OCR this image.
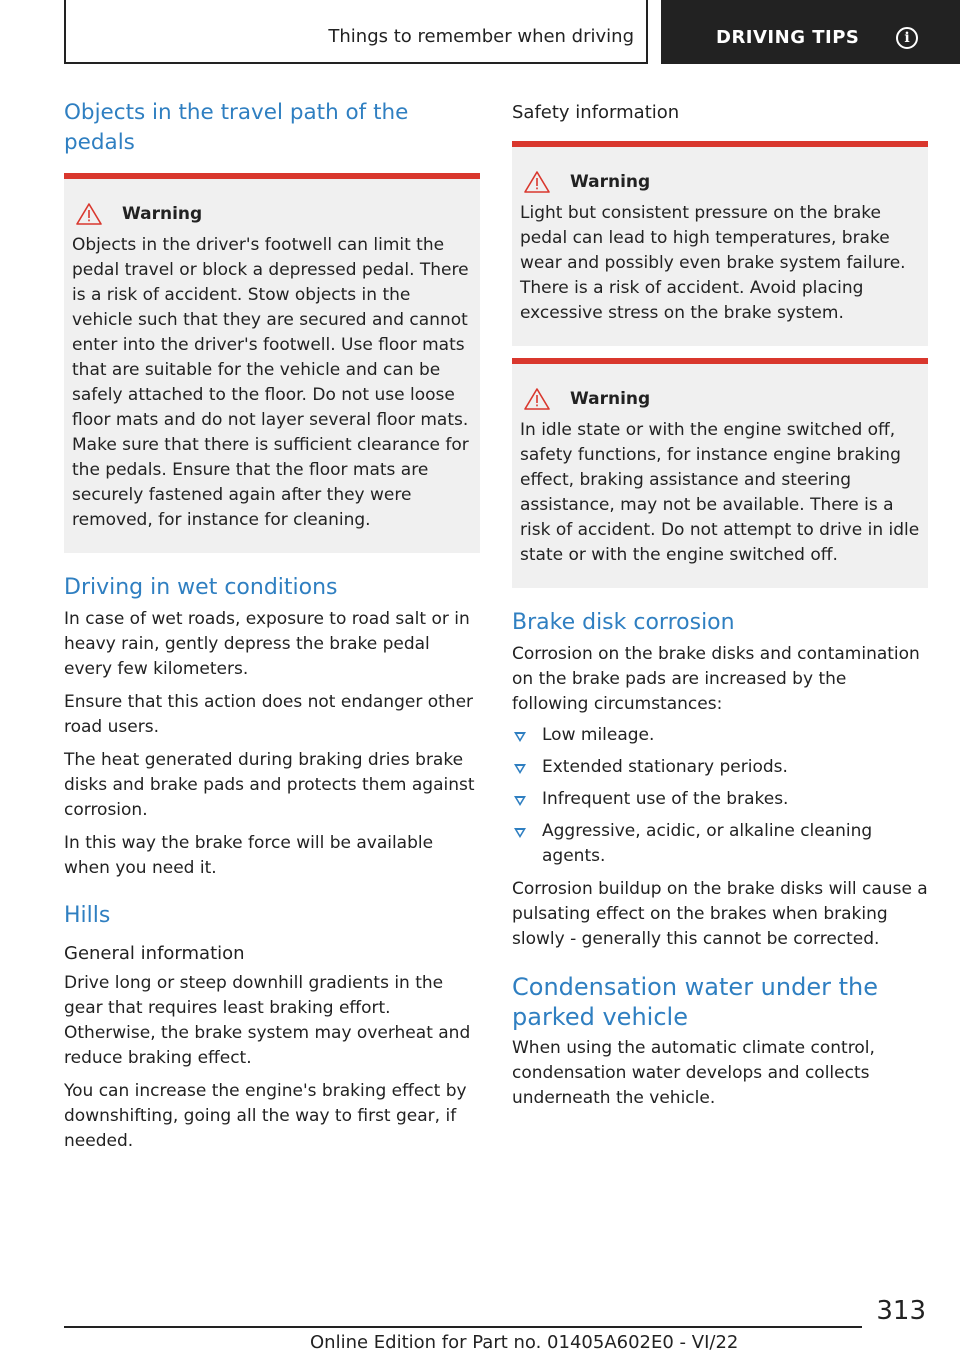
Things to remember when driving	DRIVING TIPS	i
Objects in the travel path of the pedals
Warning

Objects in the driver's footwell can limit the pedal travel or block a depressed pedal. There is a risk of accident. Stow objects in the vehicle such that they are secured and cannot enter into the driver's footwell. Use floor mats that are suitable for the vehicle and can be safely attached to the floor. Do not use loose floor mats and do not layer several floor mats. Make sure that there is sufficient clearance for the pedals. Ensure that the floor mats are securely fastened again after they were removed, for instance for cleaning.

Driving in wet conditions

In case of wet roads, exposure to road salt or in heavy rain, gently depress the brake pedal every few kilometers.

Ensure that this action does not endanger other road users.

The heat generated during braking dries brake disks and brake pads and protects them against corrosion.

In this way the brake force will be available when you need it.

Hills
General information

Drive long or steep downhill gradients in the gear that requires least braking effort. Otherwise, the brake system may overheat and reduce braking effect.

You can increase the engine's braking effect by downshifting, going all the way to first gear, if needed.

Safety information
Warning

Light but consistent pressure on the brake pedal can lead to high temperatures, brake wear and possibly even brake system failure. There is a risk of accident. Avoid placing excessive stress on the brake system.

Warning

In idle state or with the engine switched off, safety functions, for instance engine braking effect, braking assistance and steering assistance, may not be available. There is a risk of accident. Do not attempt to drive in idle state or with the engine switched off.

Brake disk corrosion

Corrosion on the brake disks and contamination on the brake pads are increased by the following circumstances:

Low mileage.
Extended stationary periods.
Infrequent use of the brakes.
Aggressive, acidic, or alkaline cleaning agents.

Corrosion buildup on the brake disks will cause a pulsating effect on the brakes when braking slowly - generally this cannot be corrected.

Condensation water under the parked vehicle

When using the automatic climate control, condensation water develops and collects underneath the vehicle.

313
Online Edition for Part no. 01405A602E0 - VI/22
